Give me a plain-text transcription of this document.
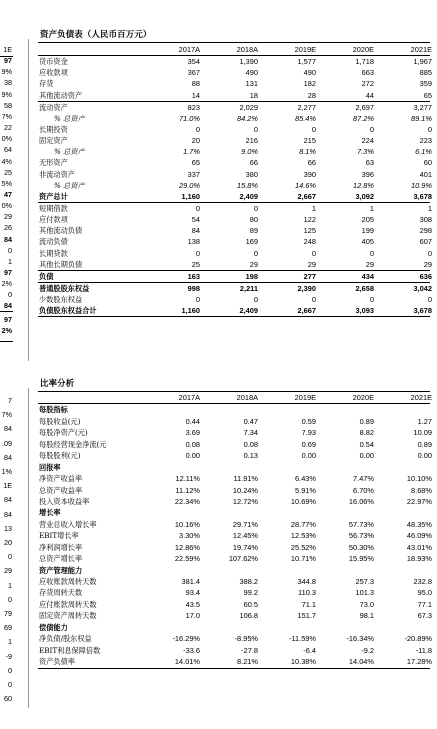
1E
97
9%
38
9%
58
7%
22
0%
64
4%
25
5%
47
0%
29
26
84
0
1
97
2%
0
84
97
2%
7
7%
84
.09
84
1%
1E
84
84
13
20
0
29
1
0
79
69
1
-9
0
0
60
资产负债表（人民币百万元）
2017A	2018A	2019E	2020E	2021E
货币资金	354	1,390	1,577	1,718	1,967
应收款项	367	490	490	663	885
存货	88	131	182	272	359
其他流动资产	14	18	28	44	65
流动资产	823	2,029	2,277	2,697	3,277
% 总资产	71.0%	84.2%	85.4%	87.2%	89.1%
长期投资	0	0	0	0	0
固定资产	20	216	215	224	223
% 总资产	1.7%	9.0%	8.1%	7.3%	6.1%
无形资产	65	66	66	63	60
非流动资产	337	380	390	396	401
% 总资产	29.0%	15.8%	14.6%	12.8%	10.9%
资产总计	1,160	2,409	2,667	3,092	3,678
短期借款	0	0	1	1	1
应付款项	54	80	122	205	308
其他流动负债	84	89	125	199	298
流动负债	138	169	248	405	607
长期贷款	0	0	0	0	0
其他长期负债	25	29	29	29	29
负债	163	198	277	434	636
普通股股东权益	998	2,211	2,390	2,658	3,042
少数股东权益	0	0	0	0	0
负债股东权益合计	1,160	2,409	2,667	3,093	3,678
比率分析
2017A	2018A	2019E	2020E	2021E
每股指标
每股收益(元)	0.44	0.47	0.59	0.89	1.27
每股净资产(元)	3.69	7.34	7.93	8.82	10.09
每股经营现金净流(元	0.08	0.08	0.69	0.54	0.89
每股股利(元)	0.00	0.13	0.00	0.00	0.00
回报率
净资产收益率	12.11%	11.91%	6.43%	7.47%	10.10%
总资产收益率	11.12%	10.24%	5.91%	6.70%	8.68%
投入资本收益率	22.34%	12.72%	10.69%	16.06%	22.97%
增长率
营业总收入增长率	10.16%	29.71%	28.77%	57.73%	48.35%
EBIT增长率	3.30%	12.45%	12.53%	56.73%	46.09%
净利润增长率	12.86%	19.74%	25.52%	50.30%	43.01%
总资产增长率	22.59%	107.62%	10.71%	15.95%	18.93%
资产管理能力
应收账款周转天数	381.4	388.2	344.8	257.3	232.8
存货周转天数	93.4	99.2	110.3	101.3	95.0
应付账款周转天数	43.5	60.5	71.1	73.0	77.1
固定资产周转天数	17.0	106.8	151.7	98.1	67.3
偿债能力
净负债/股东权益	-16.29%	-8.95%	-11.59%	-16.34%	-20.89%
EBIT利息保障倍数	-33.6	-27.8	-6.4	-9.2	-11.8
资产负债率	14.01%	8.21%	10.38%	14.04%	17.28%
